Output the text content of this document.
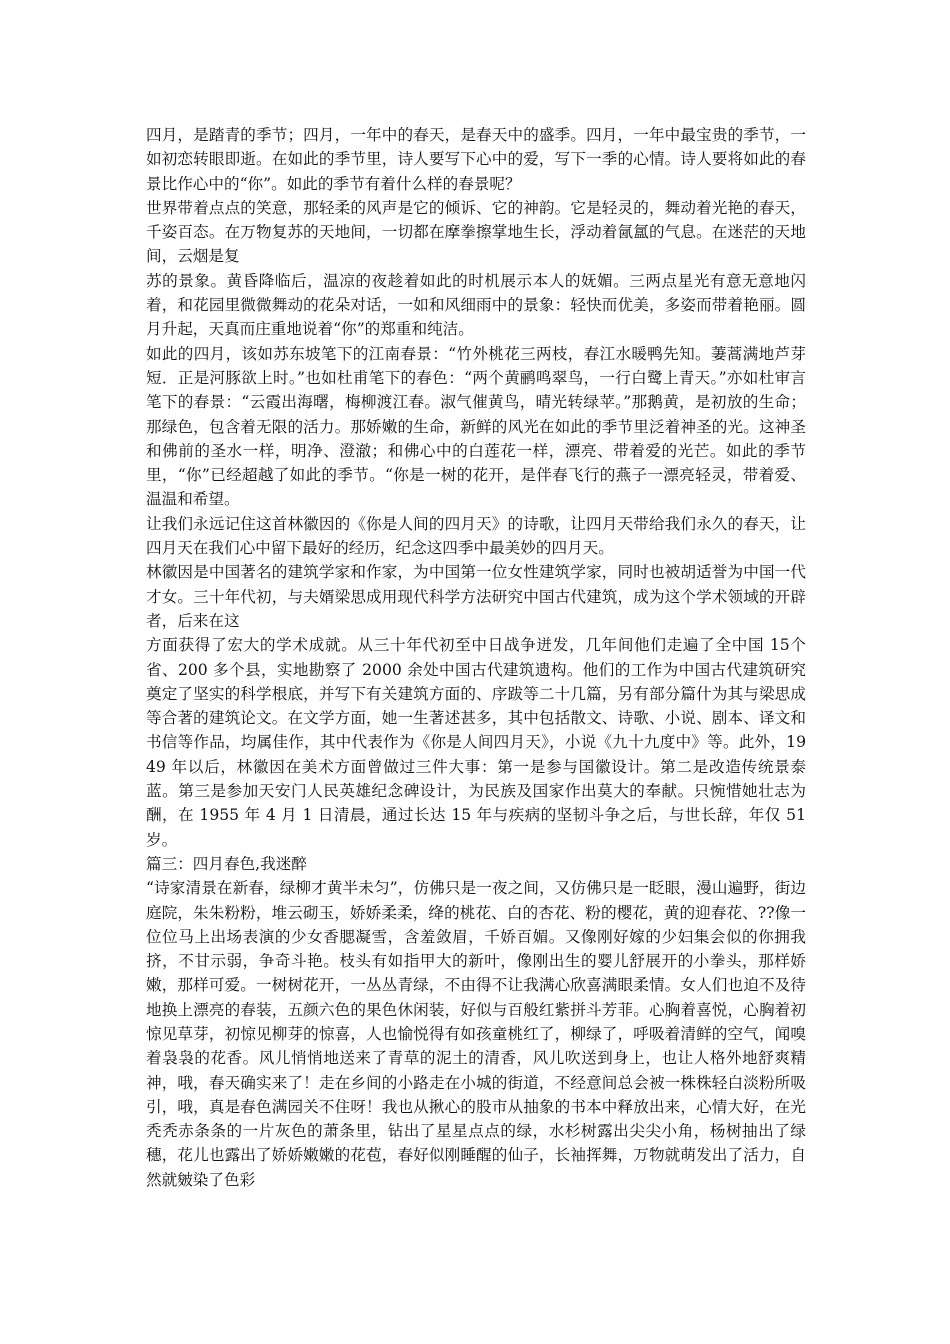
四月，是踏青的季节；四月，一年中的春天，是春天中的盛季。四月，一年中最宝贵的季节，一如初恋转眼即逝。在如此的季节里，诗人要写下心中的爱，写下一季的心情。诗人要将如此的春景比作心中的“你”。如此的季节有着什么样的春景呢？

世界带着点点的笑意，那轻柔的风声是它的倾诉、它的神韵。它是轻灵的，舞动着光艳的春天，千姿百态。在万物复苏的天地间，一切都在摩拳擦掌地生长，浮动着氤氲的气息。在迷茫的天地间，云烟是复

苏的景象。黄昏降临后，温凉的夜趁着如此的时机展示本人的妩媚。三两点星光有意无意地闪着，和花园里微微舞动的花朵对话，一如和风细雨中的景象：轻快而优美，多姿而带着艳丽。圆月升起，天真而庄重地说着“你”的郑重和纯洁。

如此的四月，该如苏东坡笔下的江南春景：“竹外桃花三两枝，春江水暖鸭先知。萋蒿满地芦芽短．正是河豚欲上时。”也如杜甫笔下的春色：“两个黄鹂鸣翠鸟，一行白鹭上青天。”亦如杜审言笔下的春景：“云霞出海曙，梅柳渡江春。淑气催黄鸟，晴光转绿苹。”那鹅黄，是初放的生命；那绿色，包含着无限的活力。那娇嫩的生命，新鲜的风光在如此的季节里泛着神圣的光。这神圣和佛前的圣水一样，明净、澄澈；和佛心中的白莲花一样，漂亮、带着爱的光芒。如此的季节里，“你”已经超越了如此的季节。“你是一树的花开，是伴春飞行的燕子一漂亮轻灵，带着爱、温温和希望。

让我们永远记住这首林徽因的《你是人间的四月天》的诗歌，让四月天带给我们永久的春天，让四月天在我们心中留下最好的经历，纪念这四季中最美妙的四月天。

林徽因是中国著名的建筑学家和作家，为中国第一位女性建筑学家，同时也被胡适誉为中国一代才女。三十年代初，与夫婿梁思成用现代科学方法研究中国古代建筑，成为这个学术领域的开辟者，后来在这

方面获得了宏大的学术成就。从三十年代初至中日战争迸发，几年间他们走遍了全中国 15个省、200 多个县，实地勘察了 2000 余处中国古代建筑遗构。他们的工作为中国古代建筑研究奠定了坚实的科学根底，并写下有关建筑方面的、序跋等二十几篇，另有部分篇什为其与梁思成等合著的建筑论文。在文学方面，她一生著述甚多，其中包括散文、诗歌、小说、剧本、译文和书信等作品，均属佳作，其中代表作为《你是人间四月天》，小说《九十九度中》等。此外，1949 年以后，林徽因在美术方面曾做过三件大事：第一是参与国徽设计。第二是改造传统景泰蓝。第三是参加天安门人民英雄纪念碑设计，为民族及国家作出莫大的奉献。只惋惜她壮志为酬，在 1955 年 4 月 1 日清晨，通过长达 15 年与疾病的坚韧斗争之后，与世长辞，年仅 51 岁。

篇三：四月春色,我迷醉

“诗家清景在新春，绿柳才黄半未匀”，仿佛只是一夜之间，又仿佛只是一眨眼，漫山遍野，街边庭院，朱朱粉粉，堆云砌玉，娇娇柔柔，绛的桃花、白的杏花、粉的樱花，黄的迎春花、??像一位位马上出场表演的少女香腮凝雪，含羞敛眉，千娇百媚。又像刚好嫁的少妇集会似的你拥我挤，不甘示弱，争奇斗艳。枝头有如指甲大的新叶，像刚出生的婴儿舒展开的小拳头，那样娇嫩，那样可爱。一树树花开，一丛丛青绿，不由得不让我满心欣喜满眼柔情。女人们也迫不及待地换上漂亮的春装，五颜六色的果色休闲装，好似与百般红紫拼斗芳菲。心胸着喜悦，心胸着初惊见草芽，初惊见柳芽的惊喜，人也愉悦得有如孩童桃红了，柳绿了，呼吸着清鲜的空气，闻嗅着袅袅的花香。风儿悄悄地送来了青草的泥土的清香，风儿吹送到身上，也让人格外地舒爽精神，哦，春天确实来了！走在乡间的小路走在小城的街道，不经意间总会被一株株轻白淡粉所吸引，哦，真是春色满园关不住呀！我也从揪心的股市从抽象的书本中释放出来，心情大好，在光秃秃赤条条的一片灰色的萧条里，钻出了星星点点的绿，水杉树露出尖尖小角，杨树抽出了绿穗，花儿也露出了娇娇嫩嫩的花苞，春好似刚睡醒的仙子，长袖挥舞，万物就萌发出了活力，自然就皴染了色彩
